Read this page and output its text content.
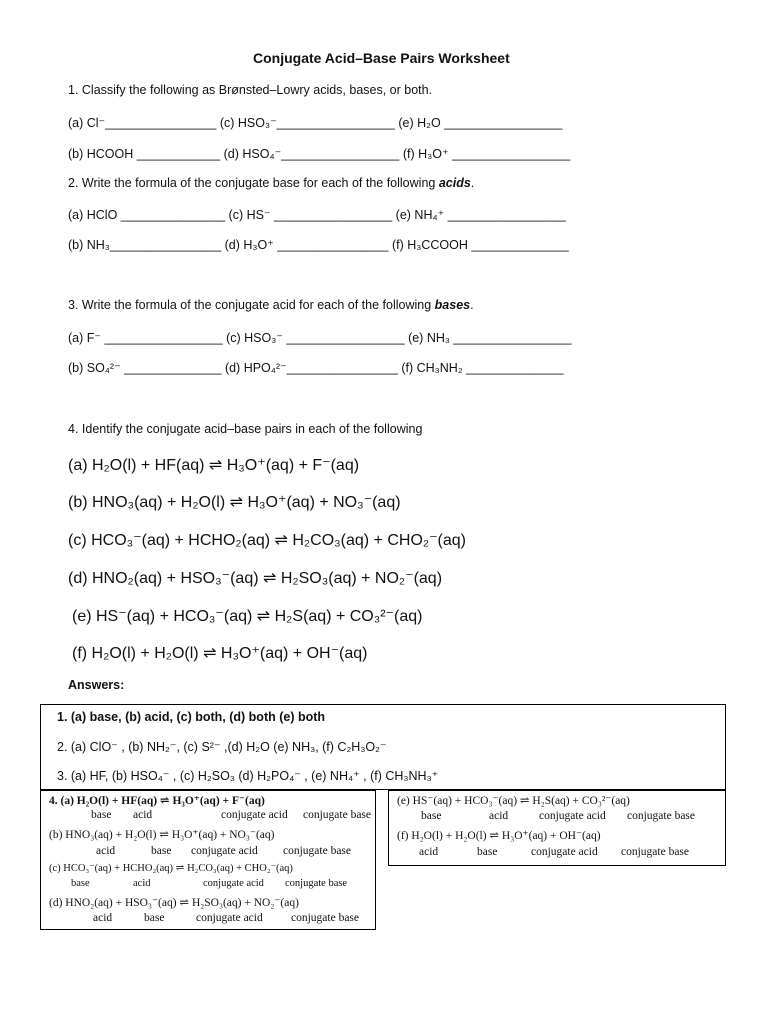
Conjugate Acid–Base Pairs Worksheet
1. Classify the following as Brønsted–Lowry acids, bases, or both.
(a) Cl⁻________________ (c) HSO₃⁻_________________ (e) H₂O _________________
(b) HCOOH ____________ (d) HSO₄⁻_________________ (f) H₃O⁺ _________________
2. Write the formula of the conjugate base for each of the following acids.
(a) HClO _______________ (c) HS⁻ _________________ (e) NH₄⁺ _________________
(b) NH₃________________ (d) H₃O⁺ ________________ (f) H₃CCOOH ______________
3. Write the formula of the conjugate acid for each of the following bases.
(a) F⁻ _________________ (c) HSO₃⁻ _________________ (e) NH₃ _________________
(b) SO₄²⁻ ______________ (d) HPO₄²⁻________________ (f) CH₃NH₂ ______________
4. Identify the conjugate acid–base pairs in each of the following
(a) H₂O(l) + HF(aq) ⇌ H₃O⁺(aq) + F⁻(aq)
(b) HNO₃(aq) + H₂O(l) ⇌ H₃O⁺(aq) + NO₃⁻(aq)
(c) HCO₃⁻(aq) + HCHO₂(aq) ⇌ H₂CO₃(aq) + CHO₂⁻(aq)
(d) HNO₂(aq) + HSO₃⁻(aq) ⇌ H₂SO₃(aq) + NO₂⁻(aq)
(e) HS⁻(aq) + HCO₃⁻(aq) ⇌ H₂S(aq) + CO₃²⁻(aq)
(f) H₂O(l) + H₂O(l) ⇌ H₃O⁺(aq) + OH⁻(aq)
Answers:
1. (a) base, (b) acid, (c) both, (d) both (e) both
2. (a) ClO⁻ , (b) NH₂⁻, (c) S²⁻ ,(d) H₂O (e) NH₃, (f) C₂H₃O₂⁻
3. (a) HF, (b) HSO₄⁻ , (c) H₂SO₃ (d) H₂PO₄⁻ , (e) NH₄⁺ , (f) CH₃NH₃⁺
4. (a) H₂O(l) + HF(aq) ⇌ H₃O⁺(aq) + F⁻(aq)
base acid	conjugate acid conjugate base
(b) HNO₃(aq) + H₂O(l) ⇌ H₃O⁺(aq) + NO₃⁻(aq)
acid	base conjugate acid conjugate base
(c) HCO₃⁻(aq) + HCHO₂(aq) ⇌ H₂CO₃(aq) + CHO₂⁻(aq)
base	acid	conjugate acid conjugate base
(d) HNO₂(aq) + HSO₃⁻(aq) ⇌ H₂SO₃(aq) + NO₂⁻(aq)
acid	base	conjugate acid conjugate base
(e) HS⁻(aq) + HCO₃⁻(aq) ⇌ H₂S(aq) + CO₃²⁻(aq)
base	acid	conjugate acid conjugate base
(f) H₂O(l) + H₂O(l) ⇌ H₃O⁺(aq) + OH⁻(aq)
acid	base	conjugate acid conjugate base
